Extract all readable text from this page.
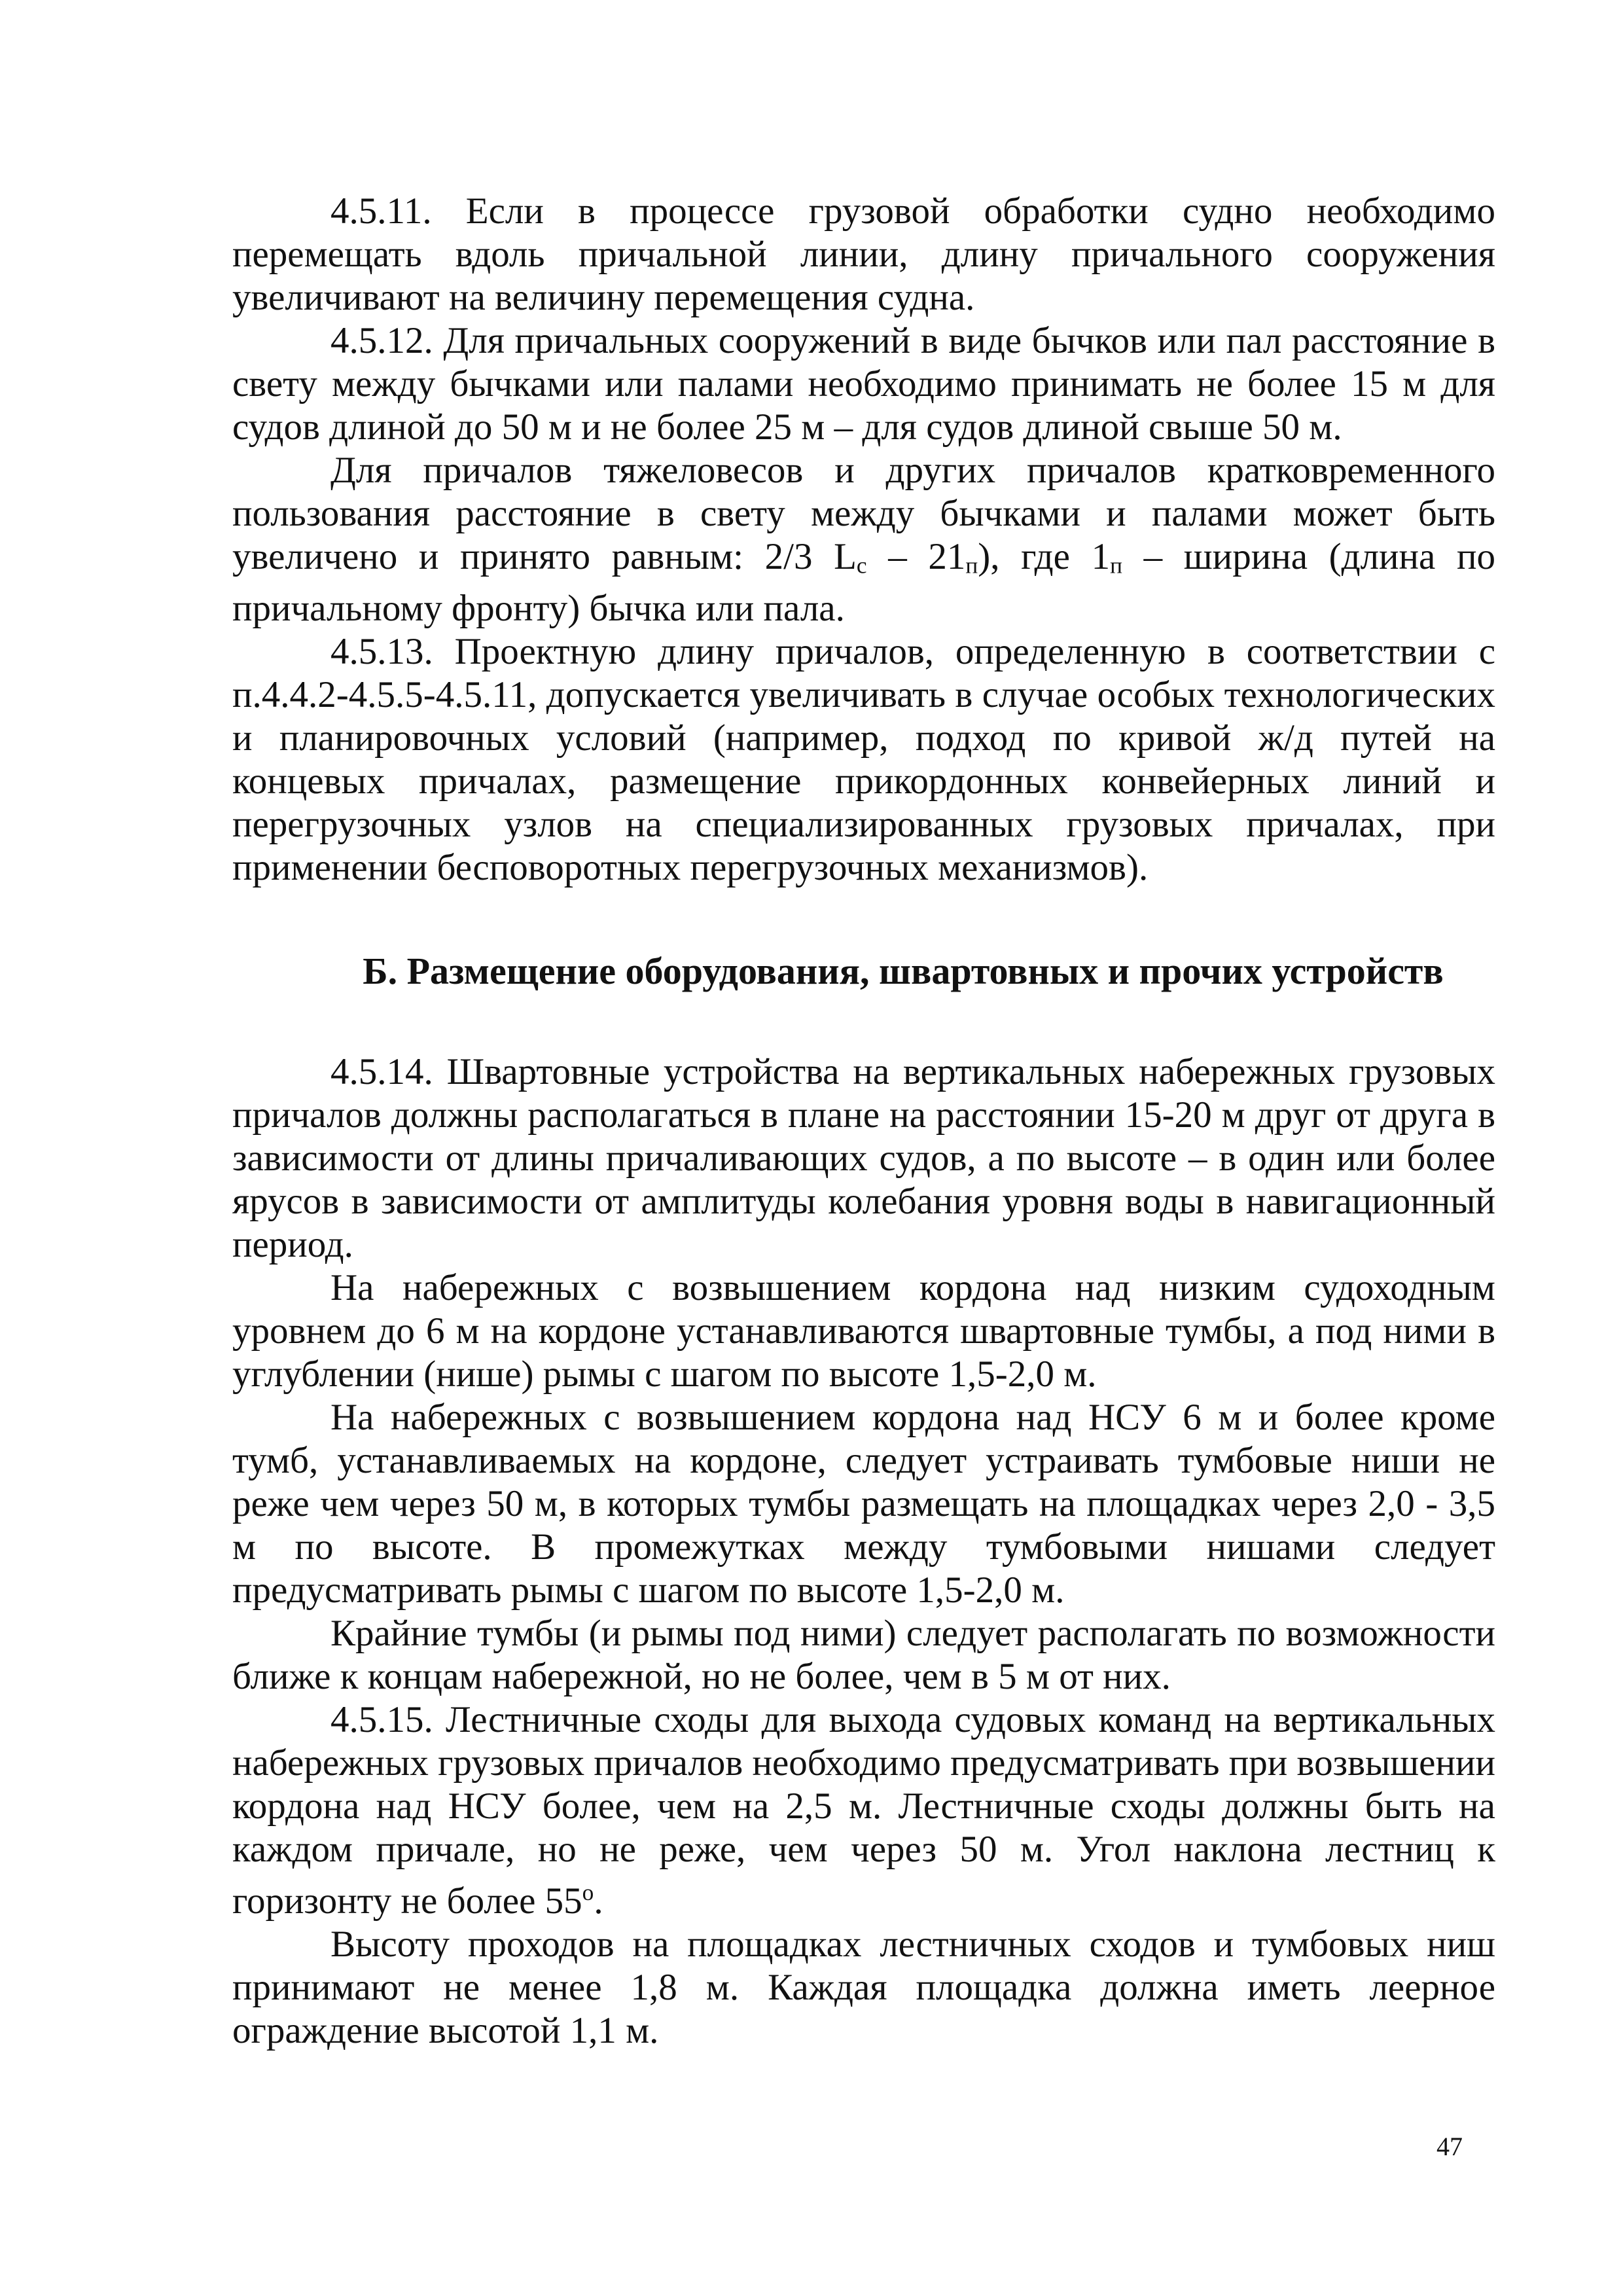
4.5.11. Если в процессе грузовой обработки судно необходимо перемещать вдоль причальной линии, длину причального сооружения увеличивают на величину перемещения судна.

4.5.12. Для причальных сооружений в виде бычков или пал расстояние в свету между бычками или палами необходимо принимать не более 15 м для судов длиной до 50 м и не более 25 м – для судов длиной свыше 50 м.

Для причалов тяжеловесов и других причалов кратковременного пользования расстояние в свету между бычками и палами может быть увеличено и принято равным: 2/3 $L_c - 21_п$), где $1_п$ – ширина (длина по причальному фронту) бычка или пала.

4.5.13. Проектную длину причалов, определенную в соответствии с п.4.4.2-4.5.5-4.5.11, допускается увеличивать в случае особых технологических и планировочных условий (например, подход по кривой ж/д путей на концевых причалах, размещение прикордонных конвейерных линий и перегрузочных узлов на специализированных грузовых причалах, при применении бесповоротных перегрузочных механизмов).

Б. Размещение оборудования, швартовных и прочих устройств

4.5.14. Швартовные устройства на вертикальных набережных грузовых причалов должны располагаться в плане на расстоянии 15-20 м друг от друга в зависимости от длины причаливающих судов, а по высоте – в один или более ярусов в зависимости от амплитуды колебания уровня воды в навигационный период.

На набережных с возвышением кордона над низким судоходным уровнем до 6 м на кордоне устанавливаются швартовные тумбы, а под ними в углублении (нише) рымы с шагом по высоте 1,5-2,0 м.

На набережных с возвышением кордона над НСУ 6 м и более кроме тумб, устанавливаемых на кордоне, следует устраивать тумбовые ниши не реже чем через 50 м, в которых тумбы размещать на площадках через 2,0 - 3,5 м по высоте. В промежутках между тумбовыми нишами следует предусматривать рымы с шагом по высоте 1,5-2,0 м.

Крайние тумбы (и рымы под ними) следует располагать по возможности ближе к концам набережной, но не более, чем в 5 м от них.

4.5.15. Лестничные сходы для выхода судовых команд на вертикальных набережных грузовых причалов необходимо предусматривать при возвышении кордона над НСУ более, чем на 2,5 м. Лестничные сходы должны быть на каждом причале, но не реже, чем через 50 м. Угол наклона лестниц к горизонту не более $55^о$.

Высоту проходов на площадках лестничных сходов и тумбовых ниш принимают не менее 1,8 м. Каждая площадка должна иметь леерное ограждение высотой 1,1 м.

47
